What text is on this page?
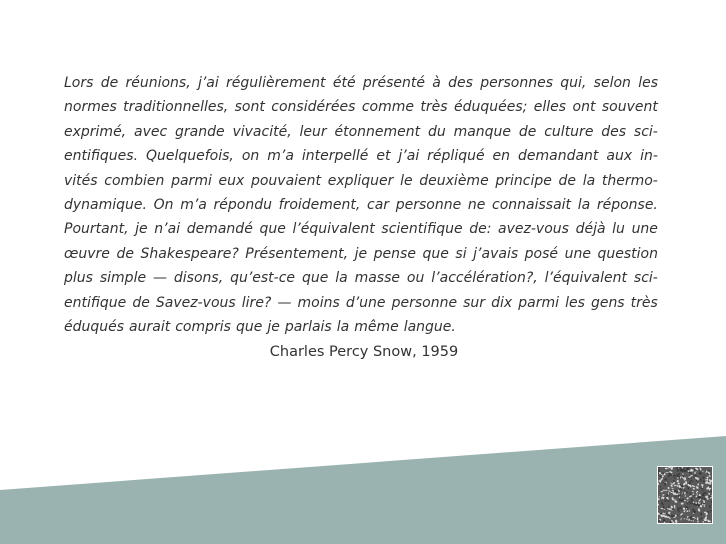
Lors de réunions, j’ai régulièrement été présenté à des personnes qui, selon les
normes traditionnelles, sont considérées comme très éduquées; elles ont souvent
exprimé, avec grande vivacité, leur étonnement du manque de culture des sci-
entifiques. Quelquefois, on m’a interpellé et j’ai répliqué en demandant aux in-
vités combien parmi eux pouvaient expliquer le deuxième principe de la thermo-
dynamique. On m’a répondu froidement, car personne ne connaissait la réponse.
Pourtant, je n’ai demandé que l’équivalent scientifique de: avez-vous déjà lu une
œuvre de Shakespeare? Présentement, je pense que si j’avais posé une question
plus simple — disons, qu’est-ce que la masse ou l’accélération?, l’équivalent sci-
entifique de Savez-vous lire? — moins d’une personne sur dix parmi les gens très
éduqués aurait compris que je parlais la même langue.
Charles Percy Snow, 1959
